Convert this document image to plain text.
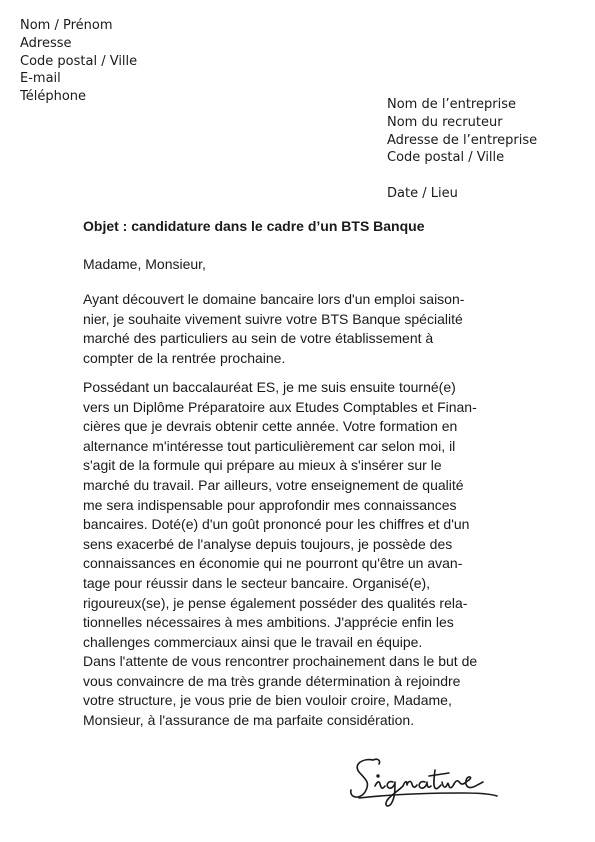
Nom / Prénom
Adresse
Code postal / Ville
E-mail
Téléphone
Nom de l’entreprise
Nom du recruteur
Adresse de l’entreprise
Code postal / Ville
Date / Lieu
Objet : candidature dans le cadre d’un BTS Banque
Madame, Monsieur,
Ayant découvert le domaine bancaire lors d'un emploi saison-
nier, je souhaite vivement suivre votre BTS Banque spécialité
marché des particuliers au sein de votre établissement à
compter de la rentrée prochaine.
Possédant un baccalauréat ES, je me suis ensuite tourné(e)
vers un Diplôme Préparatoire aux Etudes Comptables et Finan-
cières que je devrais obtenir cette année. Votre formation en
alternance m'intéresse tout particulièrement car selon moi, il
s'agit de la formule qui prépare au mieux à s'insérer sur le
marché du travail. Par ailleurs, votre enseignement de qualité
me sera indispensable pour approfondir mes connaissances
bancaires. Doté(e) d'un goût prononcé pour les chiffres et d'un
sens exacerbé de l'analyse depuis toujours, je possède des
connaissances en économie qui ne pourront qu'être un avan-
tage pour réussir dans le secteur bancaire. Organisé(e),
rigoureux(se), je pense également posséder des qualités rela-
tionnelles nécessaires à mes ambitions. J'apprécie enfin les
challenges commerciaux ainsi que le travail en équipe.
Dans l'attente de vous rencontrer prochainement dans le but de
vous convaincre de ma très grande détermination à rejoindre
votre structure, je vous prie de bien vouloir croire, Madame,
Monsieur, à l'assurance de ma parfaite considération.
